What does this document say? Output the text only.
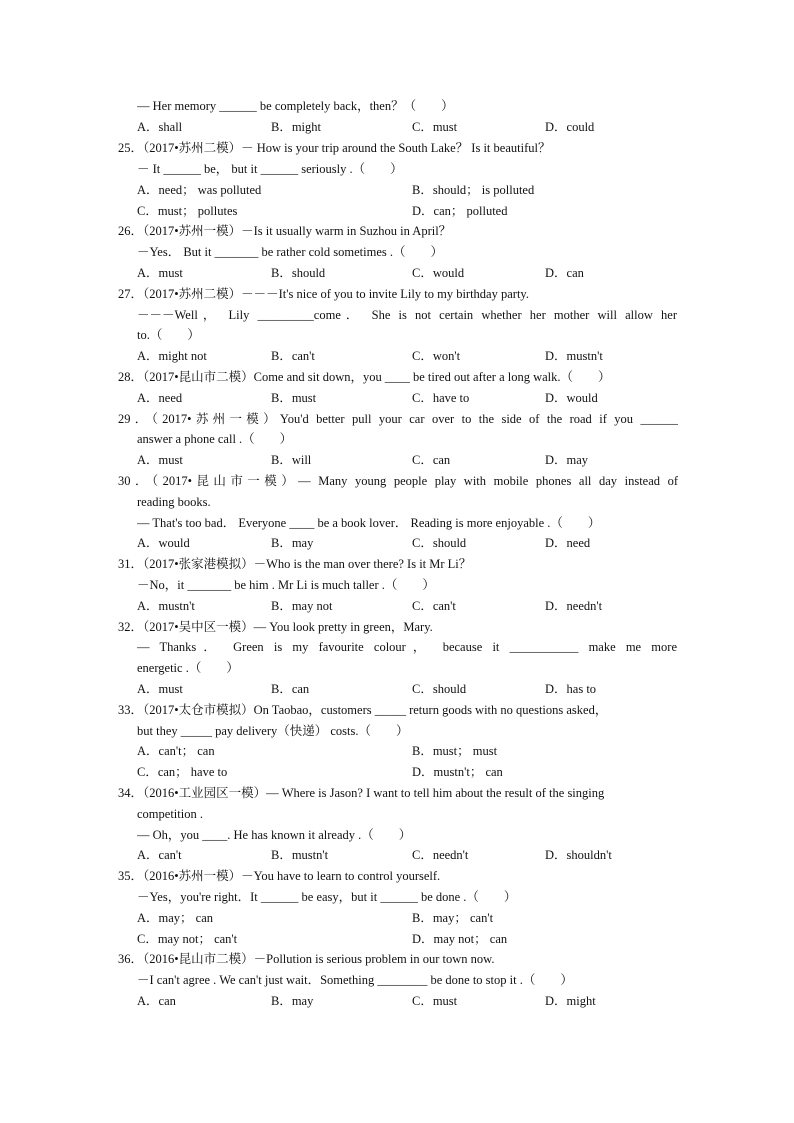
— Her memory ______ be completely back，then？（　　）
A．shall	B．might	C．must	D．could
25．（2017•苏州二模）－ How is your trip around the South Lake？ Is it beautiful？
－ It ______ be， but it ______ seriously .（　　）
A．need； was polluted	B．should； is polluted
C．must； pollutes	D．can； polluted
26．（2017•苏州一模）－Is it usually warm in Suzhou in April？
－Yes． But it _______ be rather cold sometimes .（　　）
A．must	B．should	C．would	D．can
27．（2017•苏州二模）－－－It's nice of you to invite Lily to my birthday party.
－－－Well， Lily _________come． She is not certain whether her mother will allow her
to.（　　）
A．might not	B．can't	C．won't	D．mustn't
28．（2017•昆山市二模）Come and sit down，you ____ be tired out after a long walk.（　　）
A．need	B．must	C．have to	D．would
29．（2017•苏州一模）You'd better pull your car over to the side of the road if you ______
answer a phone call .（　　）
A．must	B．will	C．can	D．may
30．（2017•昆山市一模）— Many young people play with mobile phones all day instead of
reading books.
— That's too bad． Everyone ____ be a book lover． Reading is more enjoyable .（　　）
A．would	B．may	C．should	D．need
31．（2017•张家港模拟）－Who is the man over there? Is it Mr Li？
－No，it _______ be him . Mr Li is much taller .（　　）
A．mustn't	B．may not	C．can't	D．needn't
32．（2017•吴中区一模）— You look pretty in green，Mary.
— Thanks． Green is my favourite colour， because it ___________ make me more
energetic .（　　）
A．must	B．can	C．should	D．has to
33．（2017•太仓市模拟）On Taobao，customers _____ return goods with no questions asked，
but they _____ pay delivery（快递） costs.（　　）
A．can't； can	B．must； must
C．can； have to	D．mustn't； can
34．（2016•工业园区一模）— Where is Jason? I want to tell him about the result of the singing
competition .
— Oh，you ____. He has known it already .（　　）
A．can't	B．mustn't	C．needn't	D．shouldn't
35．（2016•苏州一模）－You have to learn to control yourself.
－Yes，you're right．It ______ be easy，but it ______ be done .（　　）
A．may； can	B．may； can't
C．may not； can't	D．may not； can
36．（2016•昆山市二模）－Pollution is serious problem in our town now.
－I can't agree . We can't just wait．Something ________ be done to stop it .（　　）
A．can	B．may	C．must	D．might
